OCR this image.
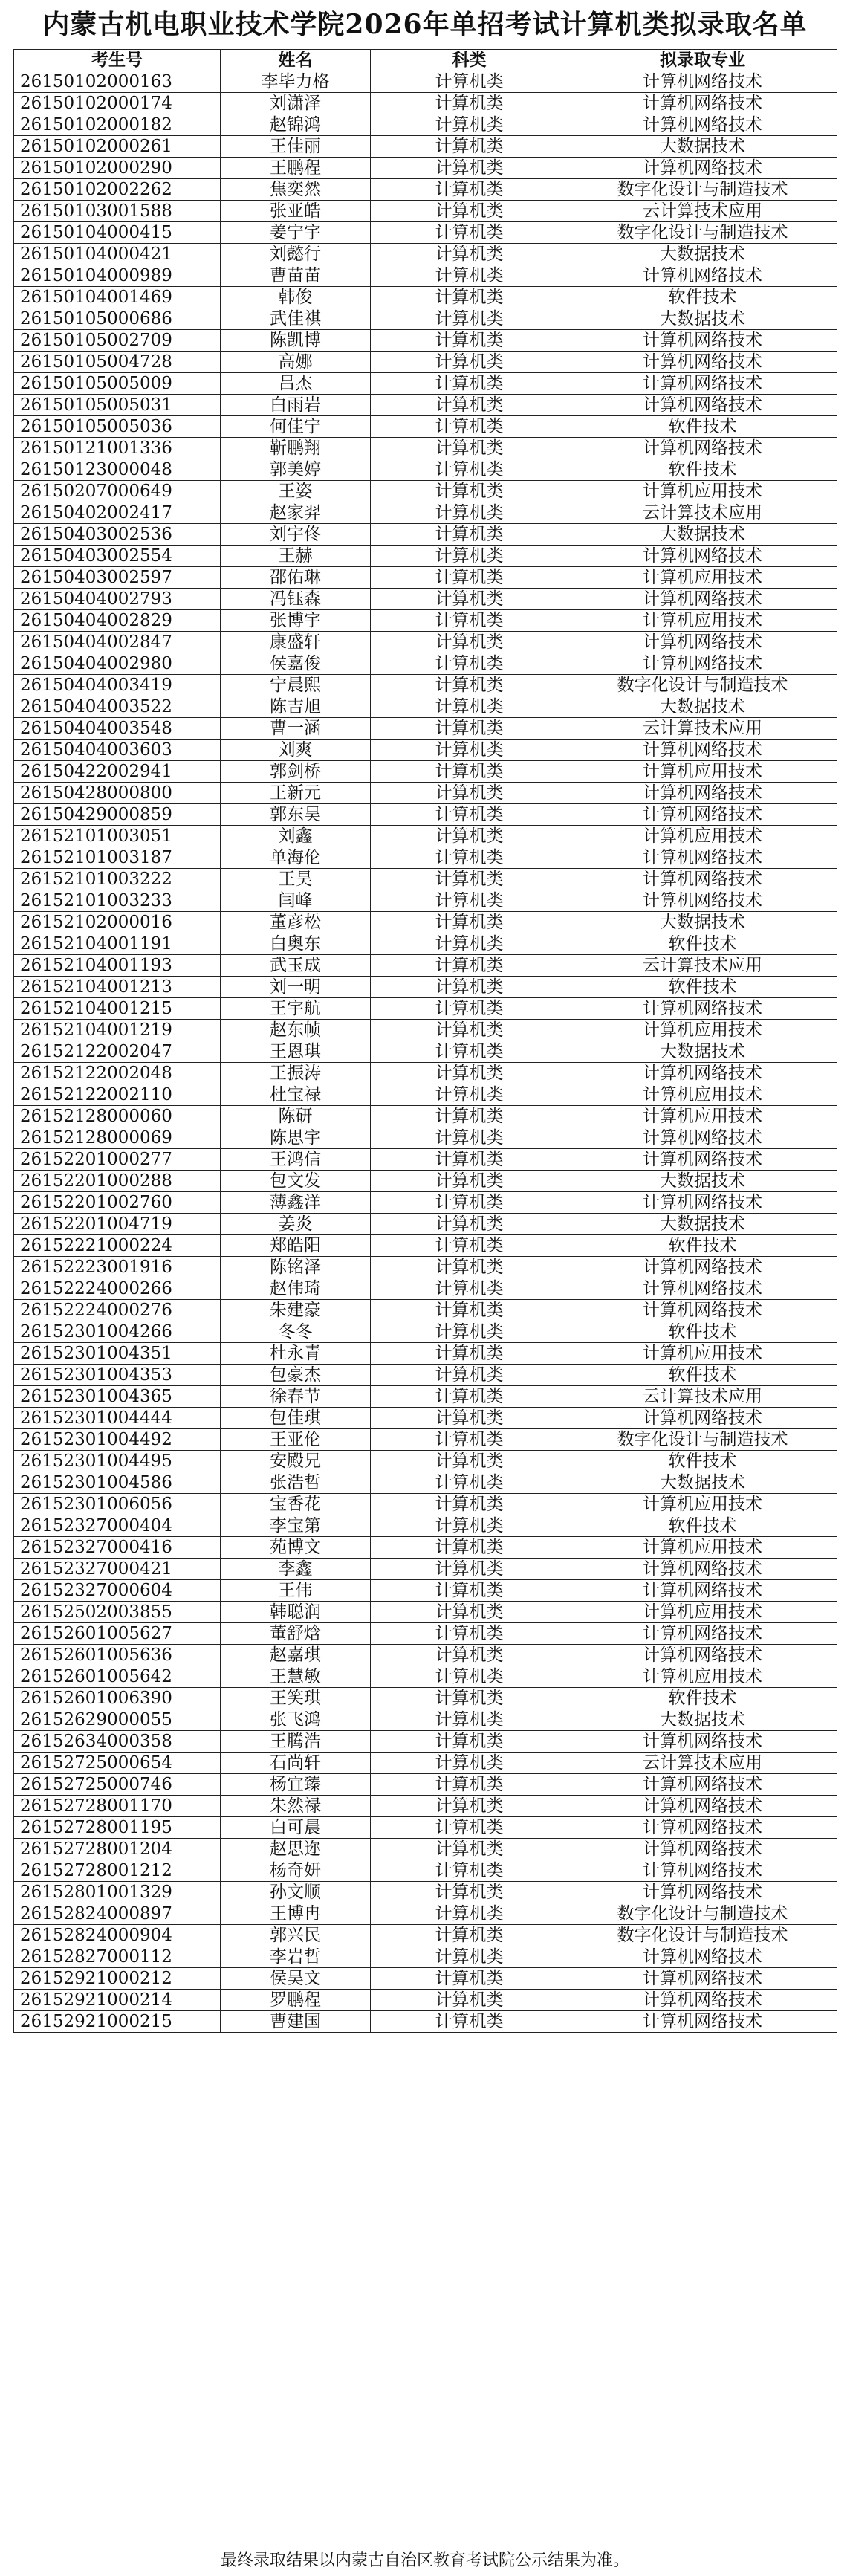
内蒙古机电职业技术学院2026年单招考试计算机类拟录取名单
考生号	姓名	科类	拟录取专业
26150102000163	李毕力格	计算机类	计算机网络技术
26150102000174	刘潇泽	计算机类	计算机网络技术
26150102000182	赵锦鸿	计算机类	计算机网络技术
26150102000261	王佳丽	计算机类	大数据技术
26150102000290	王鹏程	计算机类	计算机网络技术
26150102002262	焦奕然	计算机类	数字化设计与制造技术
26150103001588	张亚皓	计算机类	云计算技术应用
26150104000415	姜宁宇	计算机类	数字化设计与制造技术
26150104000421	刘懿行	计算机类	大数据技术
26150104000989	曹苗苗	计算机类	计算机网络技术
26150104001469	韩俊	计算机类	软件技术
26150105000686	武佳祺	计算机类	大数据技术
26150105002709	陈凯博	计算机类	计算机网络技术
26150105004728	高娜	计算机类	计算机网络技术
26150105005009	吕杰	计算机类	计算机网络技术
26150105005031	白雨岩	计算机类	计算机网络技术
26150105005036	何佳宁	计算机类	软件技术
26150121001336	靳鹏翔	计算机类	计算机网络技术
26150123000048	郭美婷	计算机类	软件技术
26150207000649	王姿	计算机类	计算机应用技术
26150402002417	赵家羿	计算机类	云计算技术应用
26150403002536	刘宇佟	计算机类	大数据技术
26150403002554	王赫	计算机类	计算机网络技术
26150403002597	邵佑琳	计算机类	计算机应用技术
26150404002793	冯钰森	计算机类	计算机网络技术
26150404002829	张博宇	计算机类	计算机应用技术
26150404002847	康盛轩	计算机类	计算机网络技术
26150404002980	侯嘉俊	计算机类	计算机网络技术
26150404003419	宁晨熙	计算机类	数字化设计与制造技术
26150404003522	陈吉旭	计算机类	大数据技术
26150404003548	曹一涵	计算机类	云计算技术应用
26150404003603	刘爽	计算机类	计算机网络技术
26150422002941	郭剑桥	计算机类	计算机应用技术
26150428000800	王新元	计算机类	计算机网络技术
26150429000859	郭东昊	计算机类	计算机网络技术
26152101003051	刘鑫	计算机类	计算机应用技术
26152101003187	单海伦	计算机类	计算机网络技术
26152101003222	王昊	计算机类	计算机网络技术
26152101003233	闫峰	计算机类	计算机网络技术
26152102000016	董彦松	计算机类	大数据技术
26152104001191	白奥东	计算机类	软件技术
26152104001193	武玉成	计算机类	云计算技术应用
26152104001213	刘一明	计算机类	软件技术
26152104001215	王宇航	计算机类	计算机网络技术
26152104001219	赵东帧	计算机类	计算机应用技术
26152122002047	王恩琪	计算机类	大数据技术
26152122002048	王振涛	计算机类	计算机网络技术
26152122002110	杜宝禄	计算机类	计算机应用技术
26152128000060	陈研	计算机类	计算机应用技术
26152128000069	陈思宇	计算机类	计算机网络技术
26152201000277	王鸿信	计算机类	计算机网络技术
26152201000288	包文发	计算机类	大数据技术
26152201002760	薄鑫洋	计算机类	计算机网络技术
26152201004719	姜炎	计算机类	大数据技术
26152221000224	郑皓阳	计算机类	软件技术
26152223001916	陈铭泽	计算机类	计算机网络技术
26152224000266	赵伟琦	计算机类	计算机网络技术
26152224000276	朱建豪	计算机类	计算机网络技术
26152301004266	冬冬	计算机类	软件技术
26152301004351	杜永青	计算机类	计算机应用技术
26152301004353	包豪杰	计算机类	软件技术
26152301004365	徐春节	计算机类	云计算技术应用
26152301004444	包佳琪	计算机类	计算机网络技术
26152301004492	王亚伦	计算机类	数字化设计与制造技术
26152301004495	安殿兄	计算机类	软件技术
26152301004586	张浩哲	计算机类	大数据技术
26152301006056	宝香花	计算机类	计算机应用技术
26152327000404	李宝第	计算机类	软件技术
26152327000416	苑博文	计算机类	计算机应用技术
26152327000421	李鑫	计算机类	计算机网络技术
26152327000604	王伟	计算机类	计算机网络技术
26152502003855	韩聪润	计算机类	计算机应用技术
26152601005627	董舒焓	计算机类	计算机网络技术
26152601005636	赵嘉琪	计算机类	计算机网络技术
26152601005642	王慧敏	计算机类	计算机应用技术
26152601006390	王笑琪	计算机类	软件技术
26152629000055	张飞鸿	计算机类	大数据技术
26152634000358	王腾浩	计算机类	计算机网络技术
26152725000654	石尚轩	计算机类	云计算技术应用
26152725000746	杨宜臻	计算机类	计算机网络技术
26152728001170	朱然禄	计算机类	计算机网络技术
26152728001195	白可晨	计算机类	计算机网络技术
26152728001204	赵思迩	计算机类	计算机网络技术
26152728001212	杨奇妍	计算机类	计算机网络技术
26152801001329	孙文顺	计算机类	计算机网络技术
26152824000897	王博冉	计算机类	数字化设计与制造技术
26152824000904	郭兴民	计算机类	数字化设计与制造技术
26152827000112	李岩哲	计算机类	计算机网络技术
26152921000212	侯昊文	计算机类	计算机网络技术
26152921000214	罗鹏程	计算机类	计算机网络技术
26152921000215	曹建国	计算机类	计算机网络技术
最终录取结果以内蒙古自治区教育考试院公示结果为准。
